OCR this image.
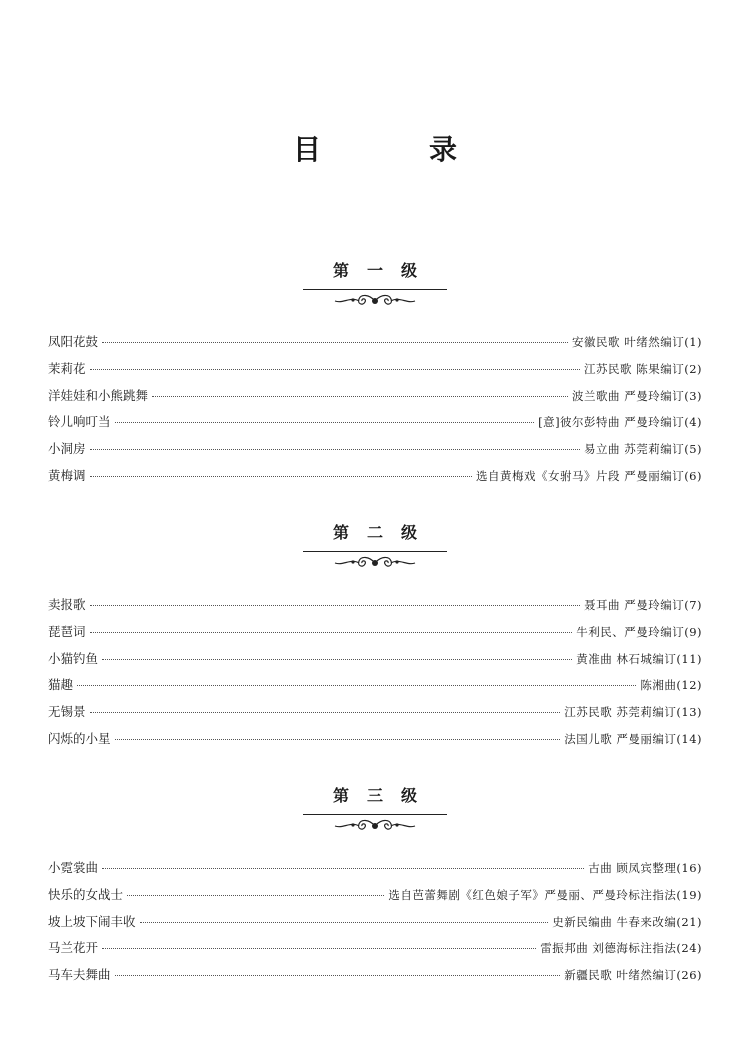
目　录
第一级
凤阳花鼓	安徽民歌 叶绪然编订(1)
茉莉花	江苏民歌 陈果编订(2)
洋娃娃和小熊跳舞	波兰歌曲 严曼玲编订(3)
铃儿响叮当	[意]彼尔彭特曲 严曼玲编订(4)
小洞房	易立曲 苏莞莉编订(5)
黄梅调	选自黄梅戏《女驸马》片段 严曼丽编订(6)
第二级
卖报歌	聂耳曲 严曼玲编订(7)
琵琶词	牛利民、严曼玲编订(9)
小猫钓鱼	黄准曲 林石城编订(11)
猫趣	陈湘曲(12)
无锡景	江苏民歌 苏莞莉编订(13)
闪烁的小星	法国儿歌 严曼丽编订(14)
第三级
小霓裳曲	古曲 顾凤宾整理(16)
快乐的女战士	选自芭蕾舞剧《红色娘子军》严曼丽、严曼玲标注指法(19)
坡上坡下闹丰收	史新民编曲 牛春来改编(21)
马兰花开	雷振邦曲 刘德海标注指法(24)
马车夫舞曲	新疆民歌 叶绪然编订(26)
